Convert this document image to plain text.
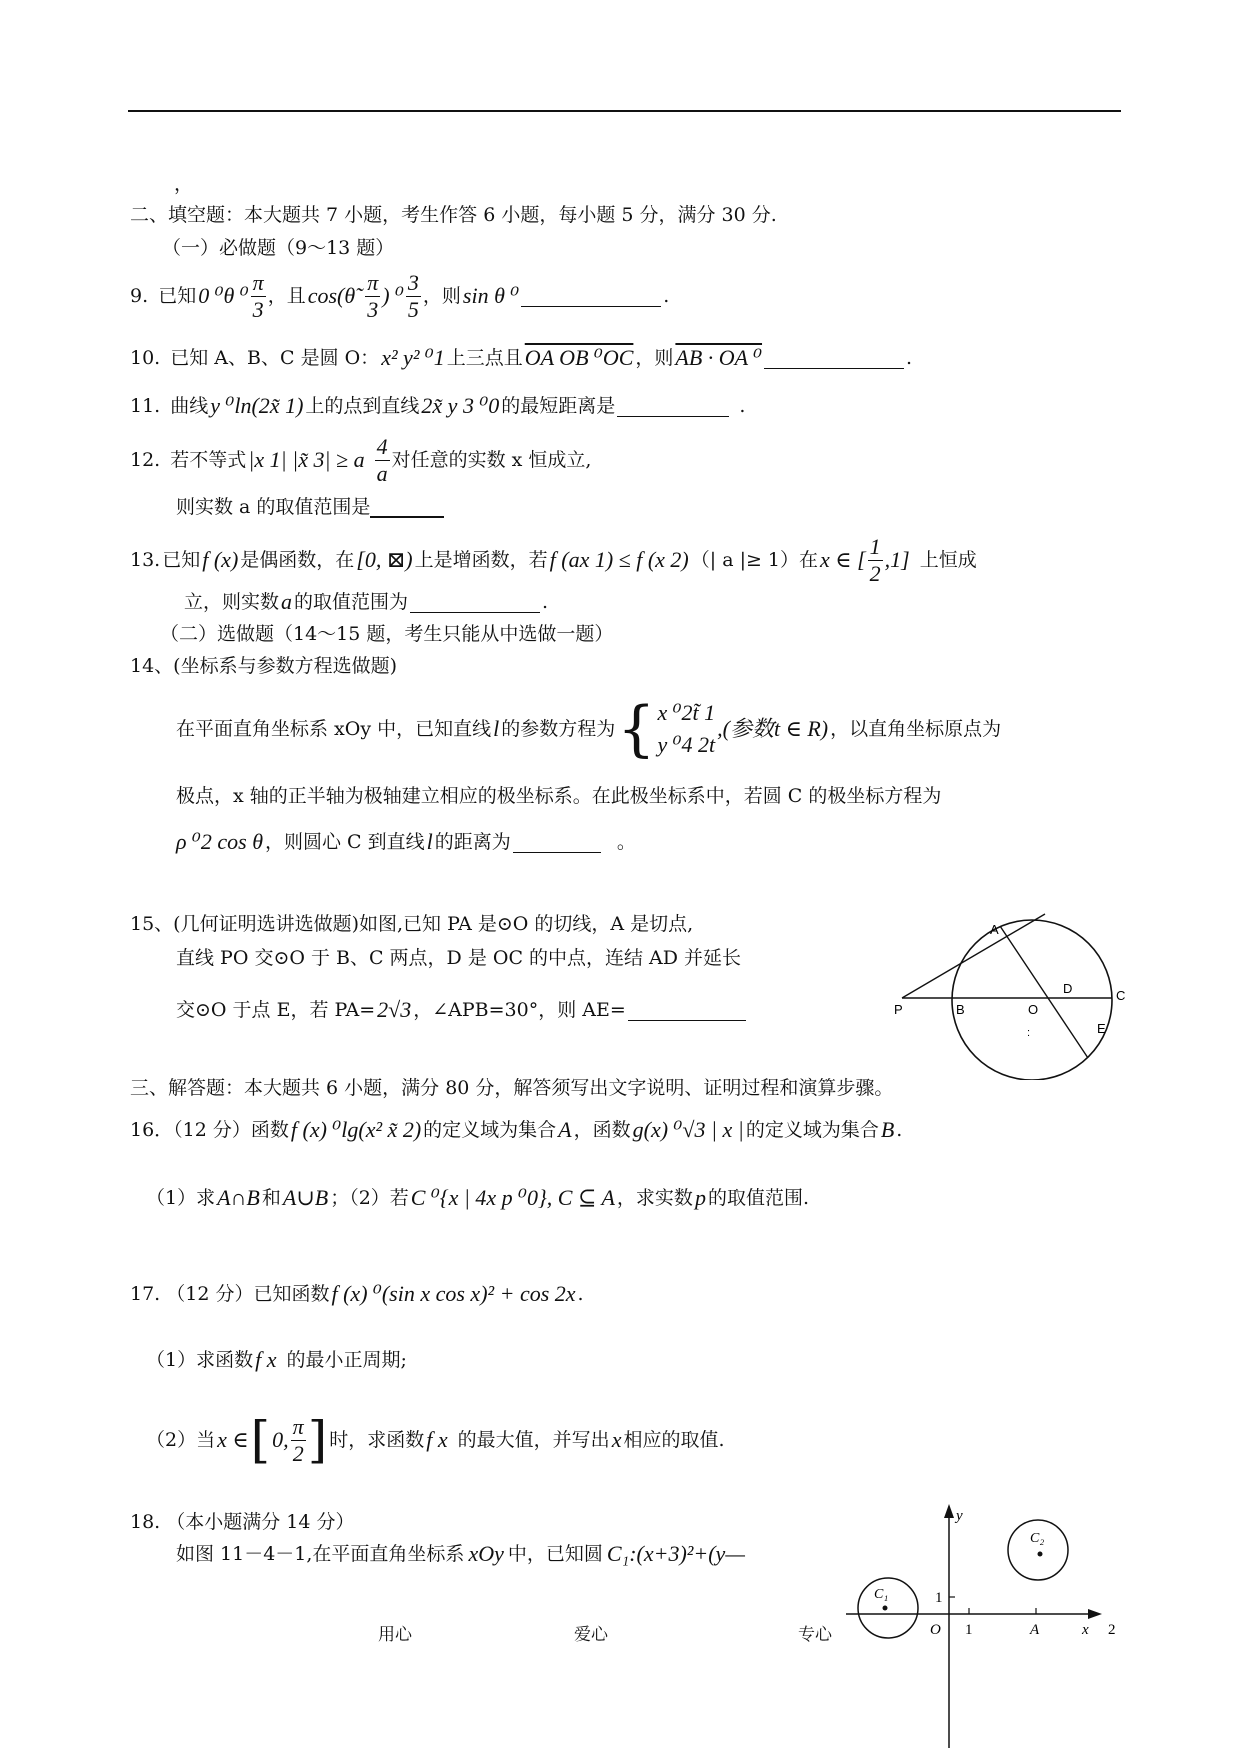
，
二、填空题：本大题共 7 小题，考生作答 6 小题，每小题 5 分，满分 30 分.
（一）必做题（9～13 题）
9.
已知 0 ⁰θ $^0 \frac{\pi}{3}$ ，且 cos(θ̃
$\frac{\pi}{3}$ ) $^0 \frac{3}{5}$ ，则 sin θ ⁰	.
10.
已知 A、B、C 是圆 O： x² y² ⁰1 上三点且 OA OB ⁰OC ，则 AB · OA ⁰	.
11.
曲线 y ⁰ln(2x̃ 1) 上的点到直线 2x̃ y 3 ⁰0 的最短距离是
	.
12.
若不等式 |x 1| |x̃ 3| ≥ a
$\frac{4}{a}$ 对任意的实数 x 恒成立,
则实数 a 的取值范围是
13. 已知 f (x) 是偶函数，在 [0, ⊠) 上是增函数，若 f (ax 1) ≤ f (x 2) （| a |≥ 1）在 x ∈ [ $\frac{1}{2} ,1$]
上恒成
立，则实数 a 的取值范围为	.
（二）选做题（14～15 题，考生只能从中选做一题）
14、(坐标系与参数方程选做题)
在平面直角坐标系 xOy 中，已知直线 l 的参数方程为 { x ⁰2t̃ 1
y ⁰4 2t
,(参数t ∈ R) ，以直角坐标原点为
极点，x 轴的正半轴为极轴建立相应的极坐标系。在此极坐标系中，若圆 C 的极坐标方程为
ρ ⁰2 cos θ ，则圆心 C 到直线 l 的距离为
	。
15、(几何证明选讲选做题)如图,已知 PA 是⊙O 的切线，A 是切点,
直线 PO 交⊙O 于 B、C 两点，D 是 OC 的中点，连结 AD 并延长
交⊙O 于点 E，若 PA= 2√3 ，∠APB=30°，则 AE=
A
P	B	O
D	C
E
:
三、解答题：本大题共 6 小题，满分 80 分，解答须写出文字说明、证明过程和演算步骤。
16．（12 分）函数 f (x) ⁰lg(x² x̃ 2) 的定义域为集合 A ，函数 g(x) ⁰√3 | x | 的定义域为集合 B .
（1）求 A∩B 和 A∪B ；（2）若 C ⁰{x | 4x p ⁰0}, C ⊆ A ，求实数 p 的取值范围.
17. （12 分）已知函数 f (x) ⁰(sin x cos x)² + cos 2x .
（1）求函数 f x
的最小正周期;
（2）当 x ∈ [ 0, $\frac{\pi}{2}$ ] 时，求函数 f x
的最大值，并写出 x 相应的取值.
18. （本小题满分 14 分）
如图 11－4－1,在平面直角坐标系 xOy 中，已知圆 C₁:(x+3)²+(y—
y
x 2
O 1
1
A
C₁
C₂
用心	爱心	专心
